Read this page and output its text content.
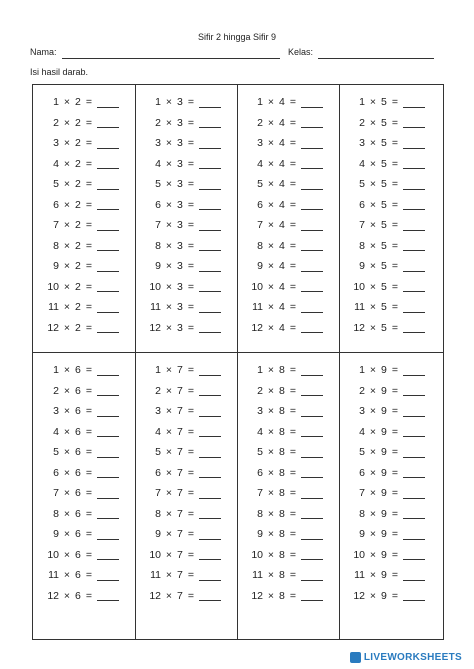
Sifir 2 hingga Sifir 9
Nama:	Kelas:
Isi hasil darab.
1 × 2 =
2 × 2 =
3 × 2 =
4 × 2 =
5 × 2 =
6 × 2 =
7 × 2 =
8 × 2 =
9 × 2 =
10 × 2 =
11 × 2 =
12 × 2 =
1 × 3 =
2 × 3 =
3 × 3 =
4 × 3 =
5 × 3 =
6 × 3 =
7 × 3 =
8 × 3 =
9 × 3 =
10 × 3 =
11 × 3 =
12 × 3 =
1 × 4 =
2 × 4 =
3 × 4 =
4 × 4 =
5 × 4 =
6 × 4 =
7 × 4 =
8 × 4 =
9 × 4 =
10 × 4 =
11 × 4 =
12 × 4 =
1 × 5 =
2 × 5 =
3 × 5 =
4 × 5 =
5 × 5 =
6 × 5 =
7 × 5 =
8 × 5 =
9 × 5 =
10 × 5 =
11 × 5 =
12 × 5 =
1 × 6 =
2 × 6 =
3 × 6 =
4 × 6 =
5 × 6 =
6 × 6 =
7 × 6 =
8 × 6 =
9 × 6 =
10 × 6 =
11 × 6 =
12 × 6 =
1 × 7 =
2 × 7 =
3 × 7 =
4 × 7 =
5 × 7 =
6 × 7 =
7 × 7 =
8 × 7 =
9 × 7 =
10 × 7 =
11 × 7 =
12 × 7 =
1 × 8 =
2 × 8 =
3 × 8 =
4 × 8 =
5 × 8 =
6 × 8 =
7 × 8 =
8 × 8 =
9 × 8 =
10 × 8 =
11 × 8 =
12 × 8 =
1 × 9 =
2 × 9 =
3 × 9 =
4 × 9 =
5 × 9 =
6 × 9 =
7 × 9 =
8 × 9 =
9 × 9 =
10 × 9 =
11 × 9 =
12 × 9 =
LIVEWORKSHEETS
